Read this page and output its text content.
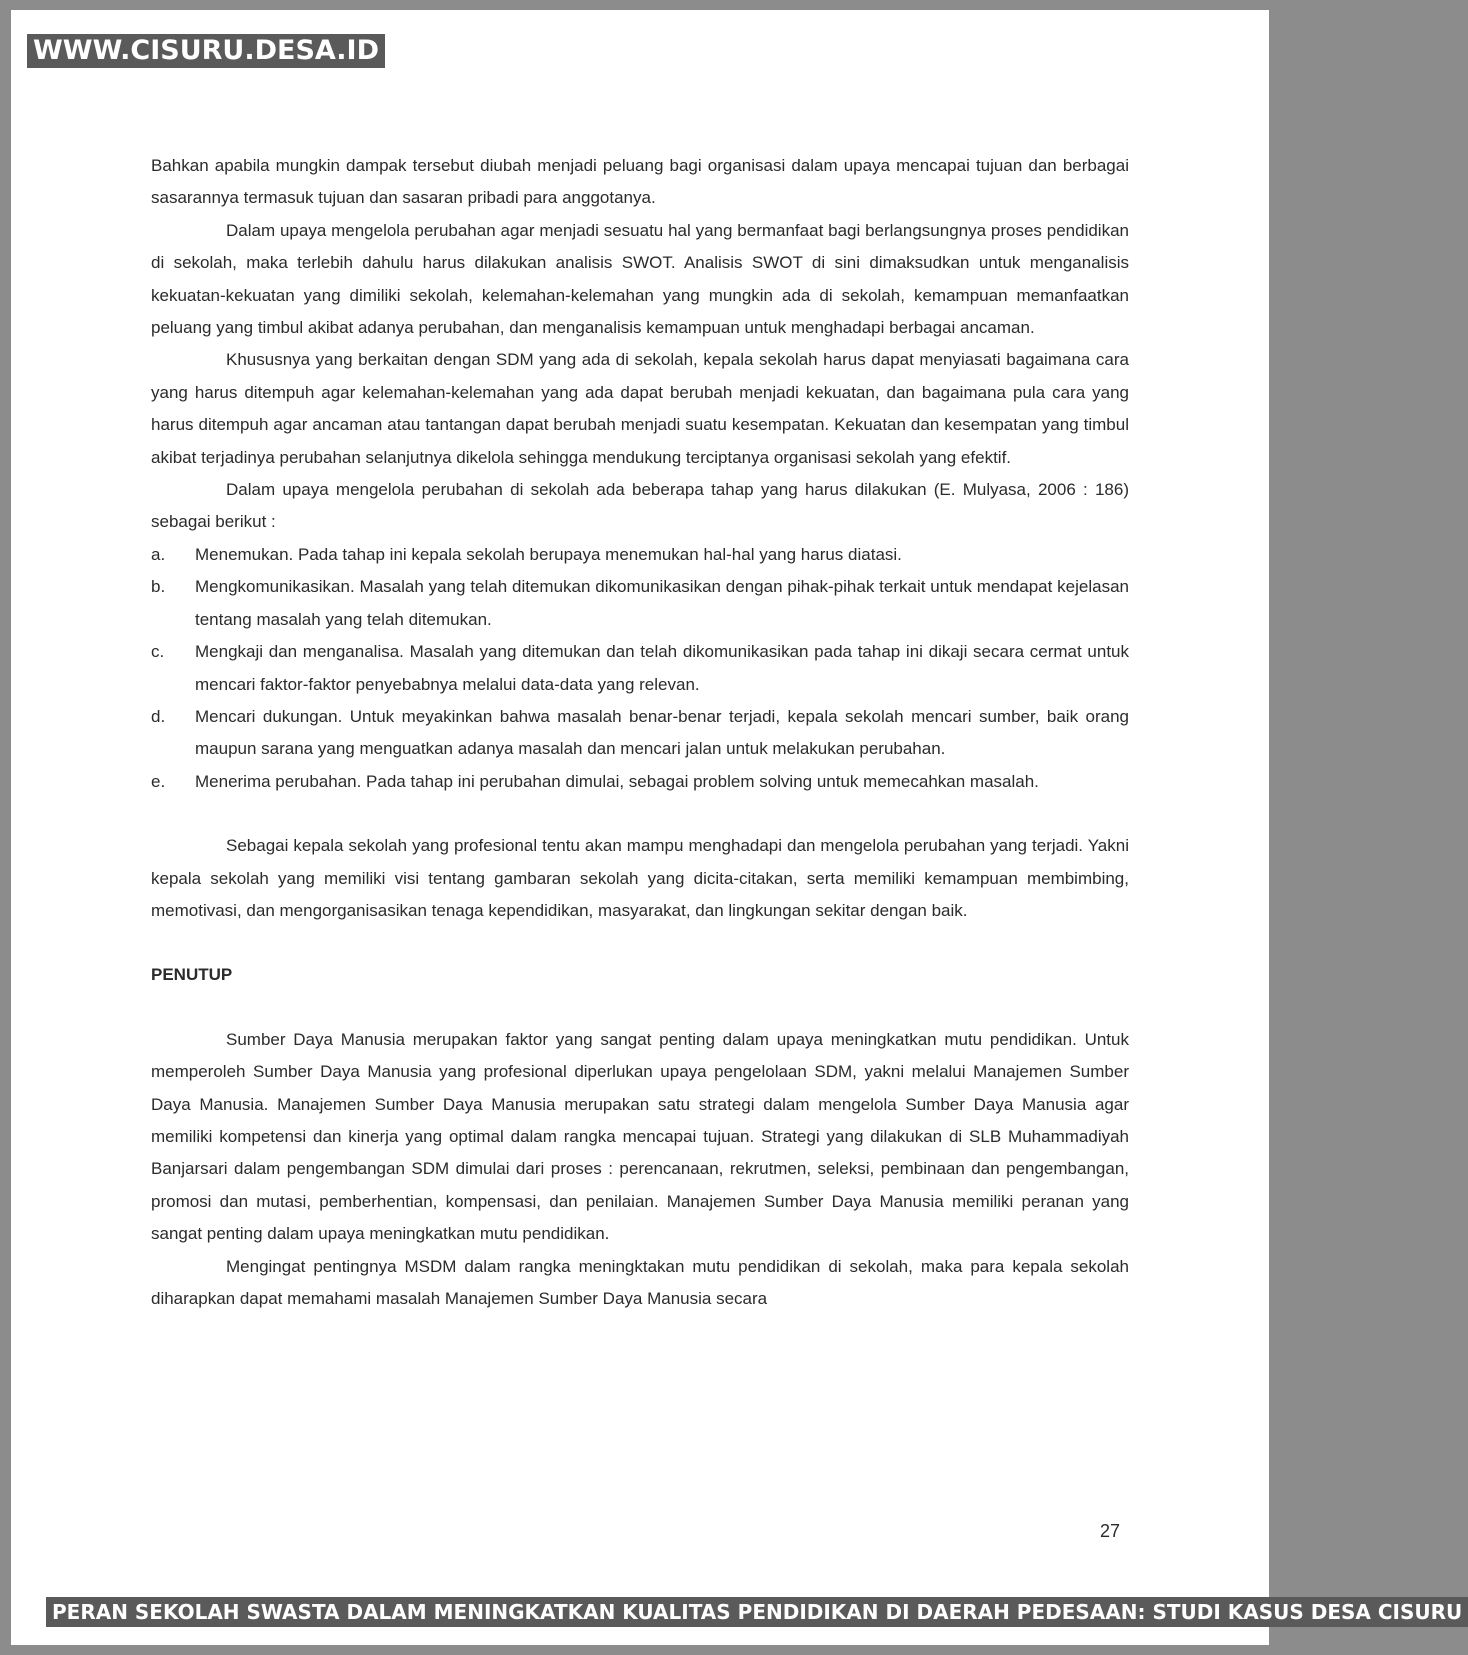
WWW.CISURU.DESA.ID

Bahkan apabila mungkin dampak tersebut diubah menjadi peluang bagi organisasi dalam upaya mencapai tujuan dan berbagai sasarannya termasuk tujuan dan sasaran pribadi para anggotanya.

Dalam upaya mengelola perubahan agar menjadi sesuatu hal yang bermanfaat bagi berlangsungnya proses pendidikan di sekolah, maka terlebih dahulu harus dilakukan analisis SWOT. Analisis SWOT di sini dimaksudkan untuk menganalisis kekuatan-kekuatan yang dimiliki sekolah, kelemahan-kelemahan yang mungkin ada di sekolah, kemampuan memanfaatkan peluang yang timbul akibat adanya perubahan, dan menganalisis kemampuan untuk menghadapi berbagai ancaman.

Khususnya yang berkaitan dengan SDM yang ada di sekolah, kepala sekolah harus dapat menyiasati bagaimana cara yang harus ditempuh agar kelemahan-kelemahan yang ada dapat berubah menjadi kekuatan, dan bagaimana pula cara yang harus ditempuh agar ancaman atau tantangan dapat berubah menjadi suatu kesempatan. Kekuatan dan kesempatan yang timbul akibat terjadinya perubahan selanjutnya dikelola sehingga mendukung terciptanya organisasi sekolah yang efektif.

Dalam upaya mengelola perubahan di sekolah ada beberapa tahap yang harus dilakukan (E. Mulyasa, 2006 : 186) sebagai berikut :

a.	Menemukan. Pada tahap ini kepala sekolah berupaya menemukan hal-hal yang harus diatasi.
b.	Mengkomunikasikan. Masalah yang telah ditemukan dikomunikasikan dengan pihak-pihak terkait untuk mendapat kejelasan tentang masalah yang telah ditemukan.
c.	Mengkaji dan menganalisa. Masalah yang ditemukan dan telah dikomunikasikan pada tahap ini dikaji secara cermat untuk mencari faktor-faktor penyebabnya melalui data-data yang relevan.
d.	Mencari dukungan. Untuk meyakinkan bahwa masalah benar-benar terjadi, kepala sekolah mencari sumber, baik orang maupun sarana yang menguatkan adanya masalah dan mencari jalan untuk melakukan perubahan.
e.	Menerima perubahan. Pada tahap ini perubahan dimulai, sebagai problem solving untuk memecahkan masalah.

Sebagai kepala sekolah yang profesional tentu akan mampu menghadapi dan mengelola perubahan yang terjadi. Yakni kepala sekolah yang memiliki visi tentang gambaran sekolah yang dicita-citakan, serta memiliki kemampuan membimbing, memotivasi, dan mengorganisasikan tenaga kependidikan, masyarakat, dan lingkungan sekitar dengan baik.

PENUTUP

Sumber Daya Manusia merupakan faktor yang sangat penting dalam upaya meningkatkan mutu pendidikan. Untuk memperoleh Sumber Daya Manusia yang profesional diperlukan upaya pengelolaan SDM, yakni melalui Manajemen Sumber Daya Manusia. Manajemen Sumber Daya Manusia merupakan satu strategi dalam mengelola Sumber Daya Manusia agar memiliki kompetensi dan kinerja yang optimal dalam rangka mencapai tujuan. Strategi yang dilakukan di SLB Muhammadiyah Banjarsari dalam pengembangan SDM dimulai dari proses : perencanaan, rekrutmen, seleksi, pembinaan dan pengembangan, promosi dan mutasi, pemberhentian, kompensasi, dan penilaian. Manajemen Sumber Daya Manusia memiliki peranan yang sangat penting dalam upaya meningkatkan mutu pendidikan.

Mengingat pentingnya MSDM dalam rangka meningktakan mutu pendidikan di sekolah, maka para kepala sekolah diharapkan dapat memahami masalah Manajemen Sumber Daya Manusia secara

27
PERAN SEKOLAH SWASTA DALAM MENINGKATKAN KUALITAS PENDIDIKAN DI DAERAH PEDESAAN: STUDI KASUS DESA CISURU
